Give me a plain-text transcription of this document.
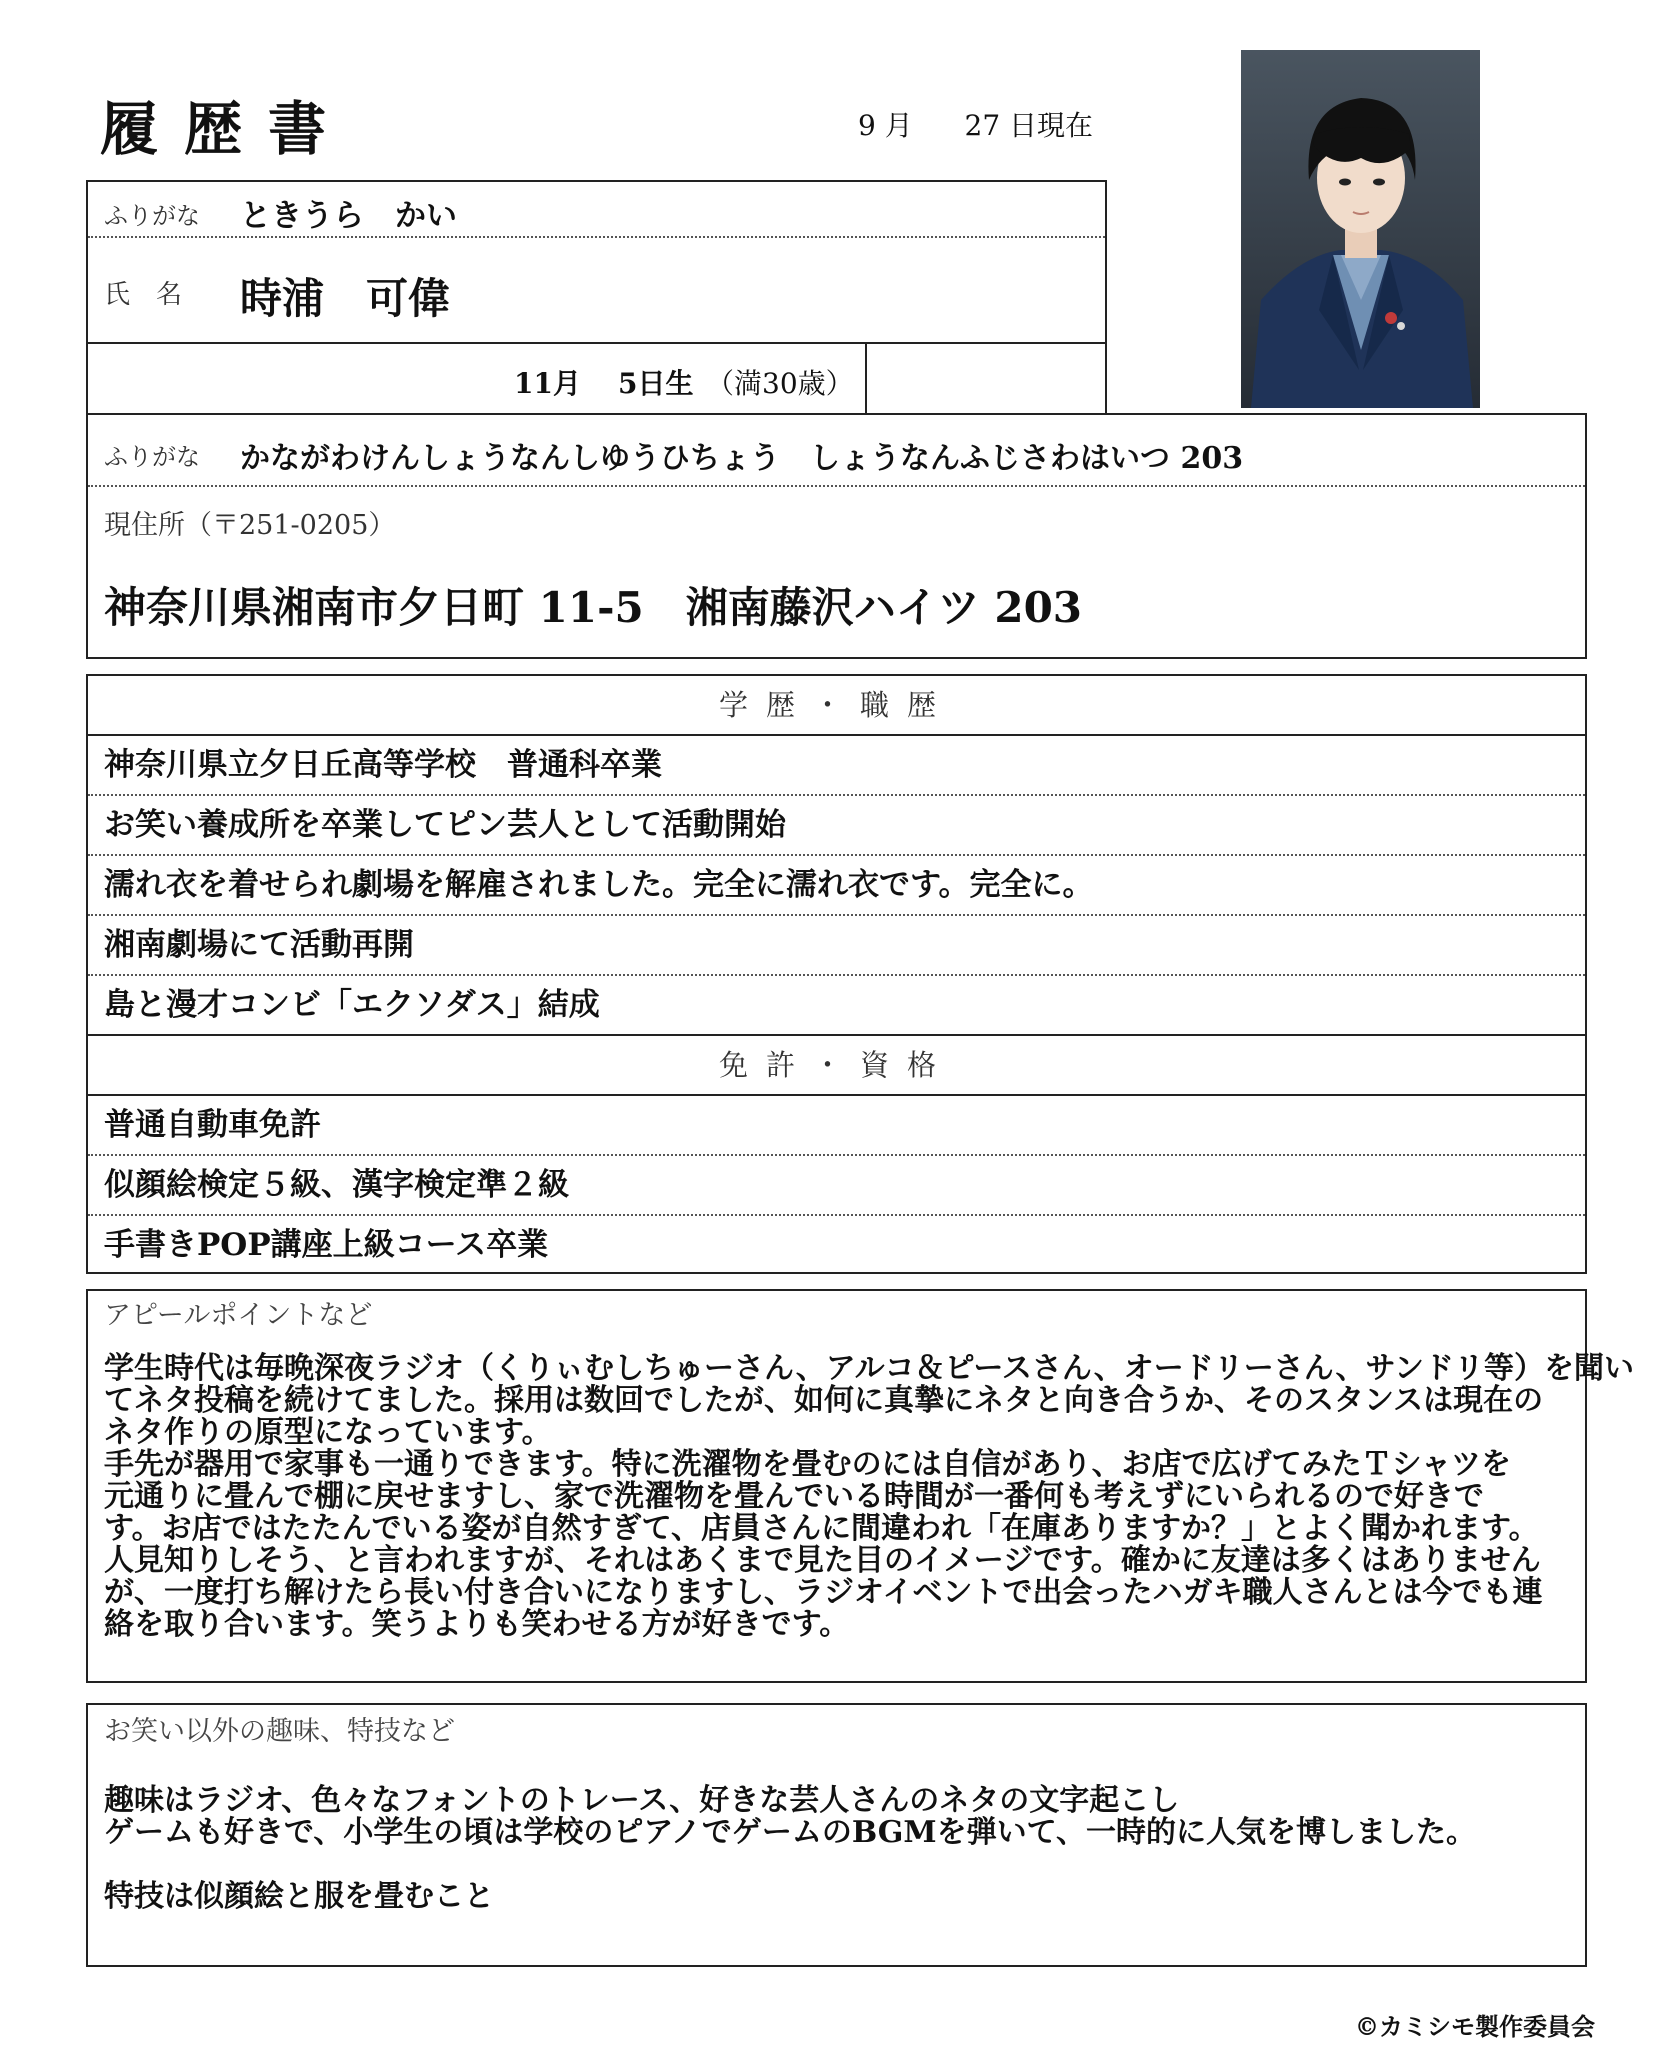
履歴書	9 月 27 日現在
ふりがな ときうら　かい
氏　名 時浦　可偉
11月 5日生 （満30歳）
ふりがな かながわけんしょうなんしゆうひちょう　しょうなんふじさわはいつ 203
現住所（〒251-0205）
神奈川県湘南市夕日町 11-5　湘南藤沢ハイツ 203
学歴・職歴
神奈川県立夕日丘高等学校　普通科卒業
お笑い養成所を卒業してピン芸人として活動開始
濡れ衣を着せられ劇場を解雇されました。完全に濡れ衣です。完全に。
湘南劇場にて活動再開
島と漫才コンビ「エクソダス」結成
免許・資格
普通自動車免許
似顔絵検定５級、漢字検定準２級
手書きPOP講座上級コース卒業
アピールポイントなど
学生時代は毎晩深夜ラジオ（くりぃむしちゅーさん、アルコ＆ピースさん、オードリーさん、サンドリ等）を聞い
てネタ投稿を続けてました。採用は数回でしたが、如何に真摯にネタと向き合うか、そのスタンスは現在の
ネタ作りの原型になっています。
手先が器用で家事も一通りできます。特に洗濯物を畳むのには自信があり、お店で広げてみたＴシャツを
元通りに畳んで棚に戻せますし、家で洗濯物を畳んでいる時間が一番何も考えずにいられるので好きで
す。お店ではたたんでいる姿が自然すぎて、店員さんに間違われ「在庫ありますか？」とよく聞かれます。
人見知りしそう、と言われますが、それはあくまで見た目のイメージです。確かに友達は多くはありません
が、一度打ち解けたら長い付き合いになりますし、ラジオイベントで出会ったハガキ職人さんとは今でも連
絡を取り合います。笑うよりも笑わせる方が好きです。
お笑い以外の趣味、特技など
趣味はラジオ、色々なフォントのトレース、好きな芸人さんのネタの文字起こし
ゲームも好きで、小学生の頃は学校のピアノでゲームのBGMを弾いて、一時的に人気を博しました。
特技は似顔絵と服を畳むこと
©カミシモ製作委員会
